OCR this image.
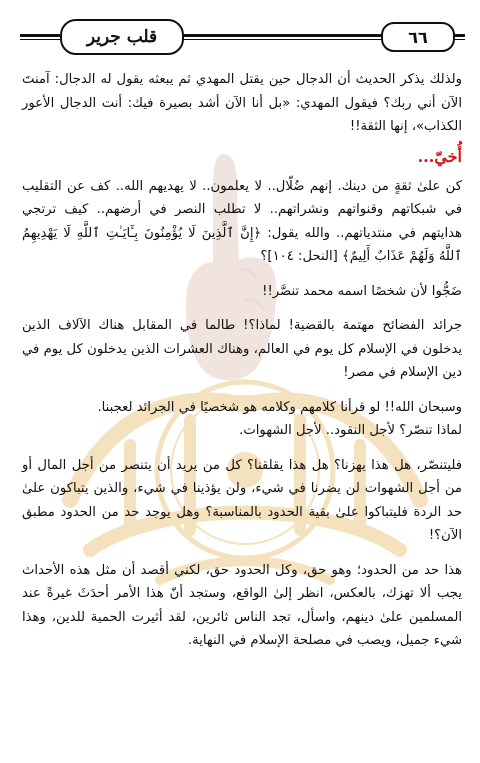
قلب جرير	٦٦

ولذلك يذكر الحديث أن الدجال حين يقتل المهدي ثم يبعثه يقول له الدجال: آمنتَ الآن أني ربك؟ فيقول المهدي: «بل أنا الآن أشد بصيرة فيك: أنت الدجال الأعور الكذاب»، إنها الثقة!!

أُخيّ...

كن علىٰ ثقةٍ من دينك. إنهم ضُلّال.. لا يعلمون.. لا يهديهم الله.. كف عن التقليب في شبكاتهم وقنواتهم ونشراتهم.. لا تطلب النصر في أرضهم.. كيف ترتجي هدايتهم في منتدياتهم.. والله يقول: ﴿إِنَّ ٱلَّذِينَ لَا يُؤْمِنُونَ بِـَٔايَـٰتِ ٱللَّهِ لَا يَهْدِيهِمُ ٱللَّهُ وَلَهُمْ عَذَابٌ أَلِيمٌ﴾ [النحل: ١٠٤]؟

ضَجُّوا لأن شخصًا اسمه محمد تنصَّر!!

جرائد الفضائح مهتمة بالقضية! لماذا؟! طالما في المقابل هناك الآلاف الذين يدخلون في الإسلام كل يوم في العالم، وهناك العشرات الذين يدخلون كل يوم في دين الإسلام في مصر!

وسبحان الله!! لو قرأنا كلامهم وكلامه هو شخصيًا في الجرائد لعجبنا.

لماذا تنصّر؟ لأجل النقود.. لأجل الشهوات.

فليتنصّر، هل هذا يهزنا؟ هل هذا يقلقنا؟ كل من يريد أن يتنصر من أجل المال أو من أجل الشهوات لن يضرنا في شيء، ولن يؤذينا في شيء، والذين يتباكون علىٰ حد الردة فليتباكوا علىٰ بقية الحدود بالمناسبة؟ وهل يوجد حد من الحدود مطبق الآن؟!

هذا حد من الحدود؛ وهو حق، وكل الحدود حق، لكني أقصد أن مثل هذه الأحداث يجب ألا تهزك، بالعكس، انظر إلىٰ الواقع، وستجد أنّ هذا الأمر أحدَثَ غيرةً عند المسلمين علىٰ دينهم، واسأل، تجد الناس ثائرين، لقد أثيرت الحمية للدين، وهذا شيء جميل، ويصب في مصلحة الإسلام في النهاية.
